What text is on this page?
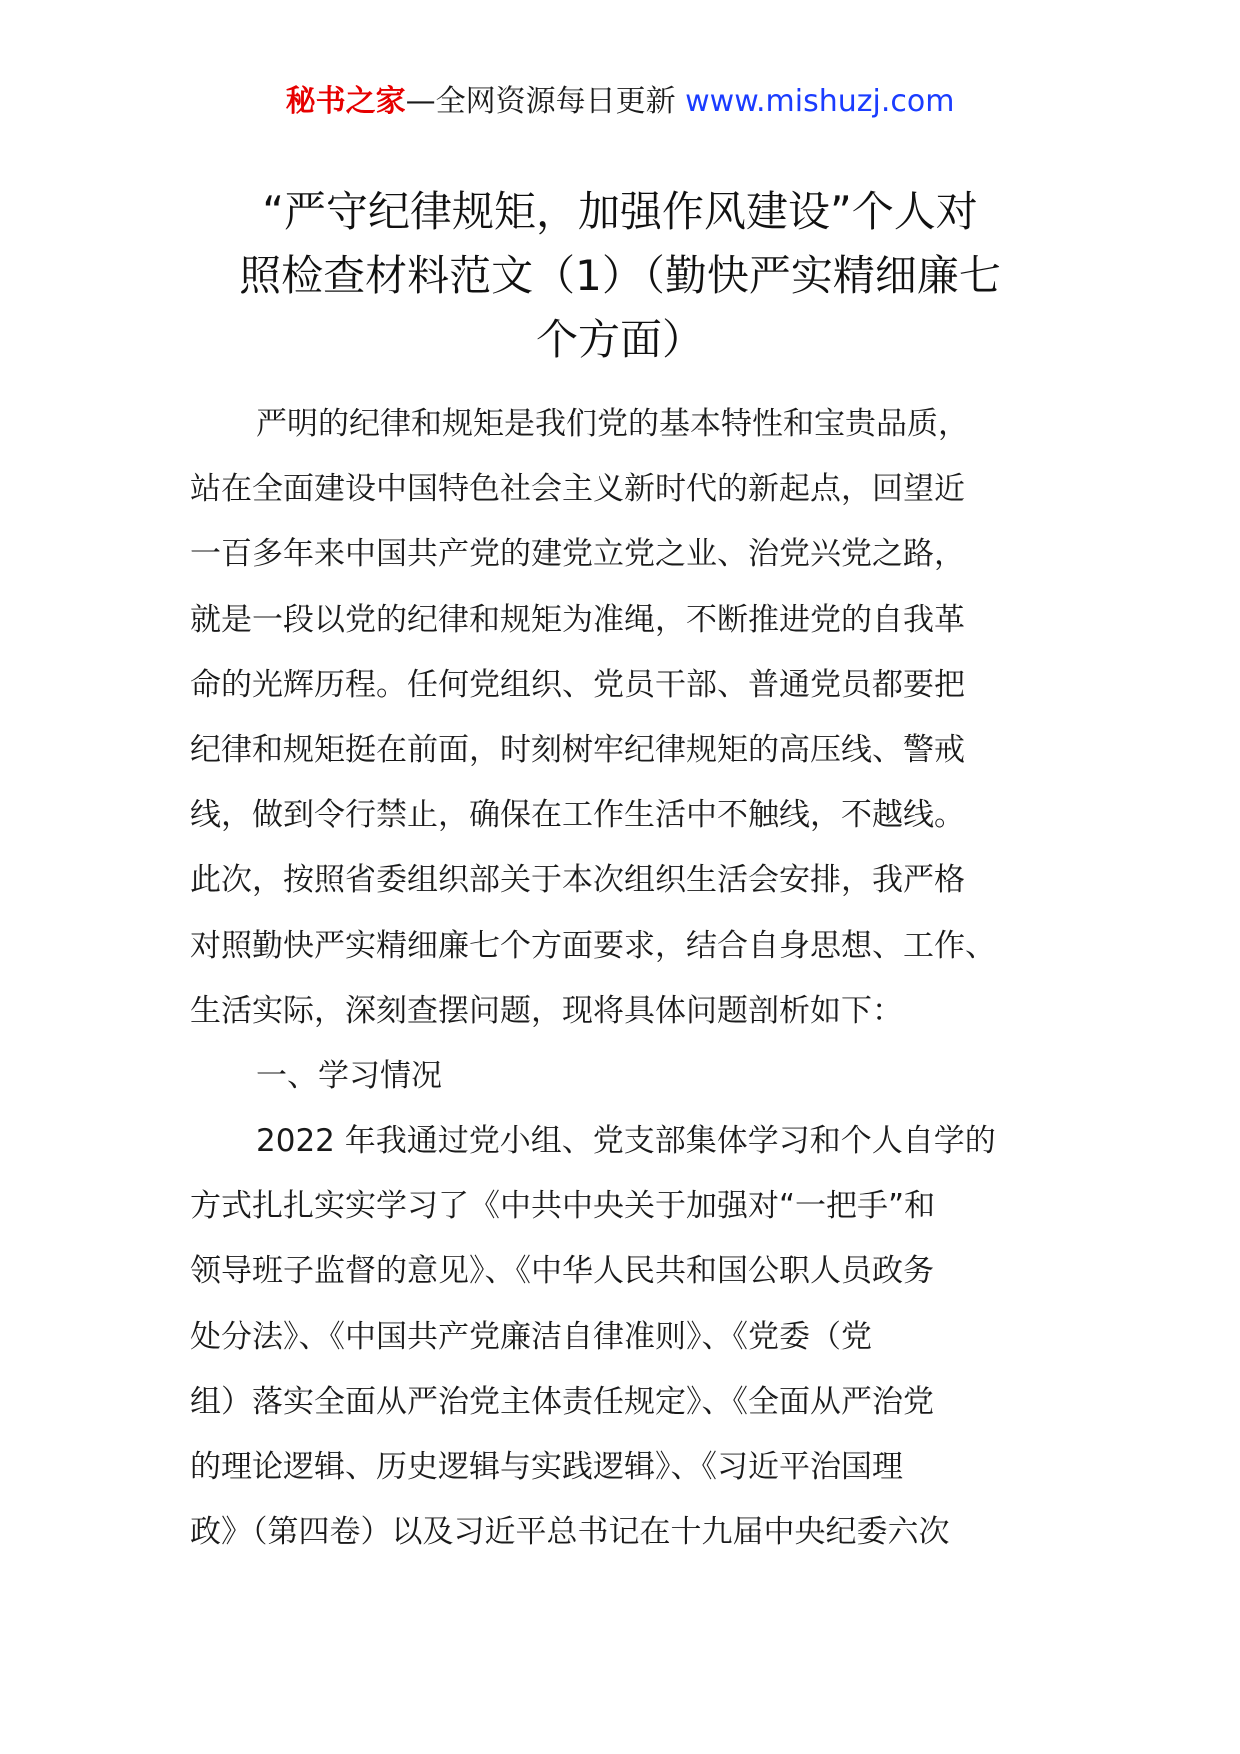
秘书之家—全网资源每日更新 www.mishuzj.com
“严守纪律规矩，加强作风建设”个人对
照检查材料范文（1）（勤快严实精细廉七
个方面）
严明的纪律和规矩是我们党的基本特性和宝贵品质，
站在全面建设中国特色社会主义新时代的新起点，回望近
一百多年来中国共产党的建党立党之业、治党兴党之路，
就是一段以党的纪律和规矩为准绳，不断推进党的自我革
命的光辉历程。任何党组织、党员干部、普通党员都要把
纪律和规矩挺在前面，时刻树牢纪律规矩的高压线、警戒
线，做到令行禁止，确保在工作生活中不触线，不越线。
此次，按照省委组织部关于本次组织生活会安排，我严格
对照勤快严实精细廉七个方面要求，结合自身思想、工作、
生活实际，深刻查摆问题，现将具体问题剖析如下：
一、学习情况
2022 年我通过党小组、党支部集体学习和个人自学的
方式扎扎实实学习了《中共中央关于加强对“一把手”和
领导班子监督的意见》、《中华人民共和国公职人员政务
处分法》、《中国共产党廉洁自律准则》、《党委（党
组）落实全面从严治党主体责任规定》、《全面从严治党
的理论逻辑、历史逻辑与实践逻辑》、《习近平治国理
政》（第四卷）以及习近平总书记在十九届中央纪委六次
